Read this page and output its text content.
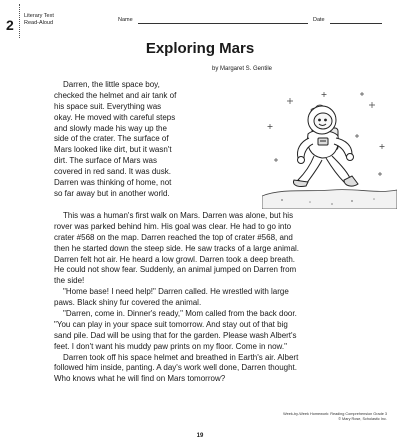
2
Literary Text
Read-Aloud	Name	Date
Exploring Mars
by Margaret S. Gentile
Darren, the little space boy,
checked the helmet and air tank of
his space suit. Everything was
okay. He moved with careful steps
and slowly made his way up the
side of the crater. The surface of
Mars looked like dirt, but it wasn't
dirt. The surface of Mars was
covered in red sand. It was dusk.
Darren was thinking of home, not
so far away but in another world.
This was a human's first walk on Mars. Darren was alone, but his
rover was parked behind him. His goal was clear. He had to go into
crater #568 on the map. Darren reached the top of crater #568, and
then he started down the steep side. He saw tracks of a large animal.
Darren felt hot air. He heard a low growl. Darren took a deep breath.
He could not show fear. Suddenly, an animal jumped on Darren from
the side!
"Home base! I need help!" Darren called. He wrestled with large
paws. Black shiny fur covered the animal.
"Darren, come in. Dinner's ready," Mom called from the back door.
"You can play in your space suit tomorrow. And stay out of that big
sand pile. Dad will be using that for the garden. Please wash Albert's
feet. I don't want his muddy paw prints on my floor. Come in now."
Darren took off his space helmet and breathed in Earth's air. Albert
followed him inside, panting. A day's work well done, Darren thought.
Who knows what he will find on Mars tomorrow?
Week-by-Week Homework: Reading Comprehension Grade 3
© Mary Rose, Scholastic Inc.
19
